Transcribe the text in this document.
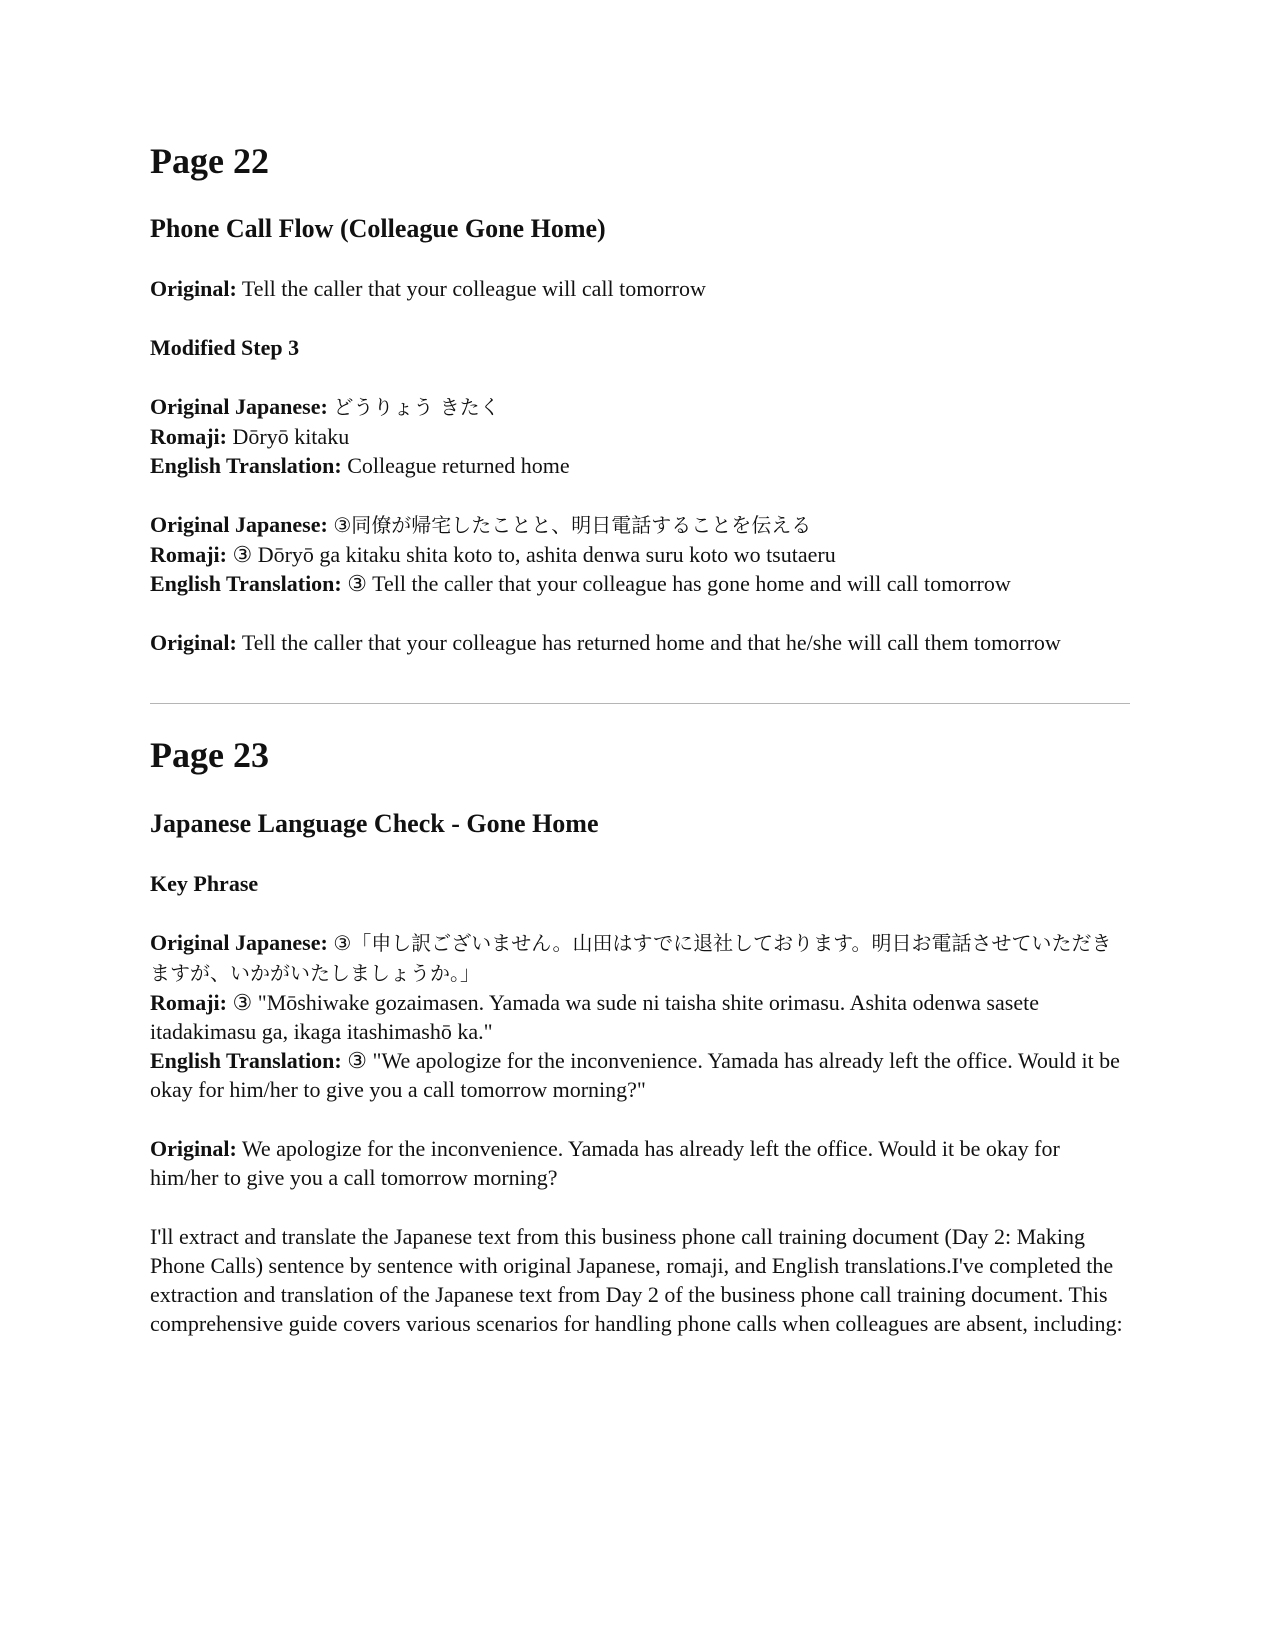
Page 22
Phone Call Flow (Colleague Gone Home)

Original: Tell the caller that your colleague will call tomorrow

Modified Step 3

Original Japanese: どうりょう きたく

Romaji: Dōryō kitaku

English Translation: Colleague returned home

Original Japanese: ③同僚が帰宅したことと、明日電話することを伝える

Romaji: ③ Dōryō ga kitaku shita koto to, ashita denwa suru koto wo tsutaeru

English Translation: ③ Tell the caller that your colleague has gone home and will call tomorrow

Original: Tell the caller that your colleague has returned home and that he/she will call them tomorrow

Page 23
Japanese Language Check - Gone Home

Key Phrase

Original Japanese: ③「申し訳ございません。山田はすでに退社しております。明日お電話させていただきますが、いかがいたしましょうか。」

Romaji: ③ "Mōshiwake gozaimasen. Yamada wa sude ni taisha shite orimasu. Ashita odenwa sasete itadakimasu ga, ikaga itashimashō ka."

English Translation: ③ "We apologize for the inconvenience. Yamada has already left the office. Would it be okay for him/her to give you a call tomorrow morning?"

Original: We apologize for the inconvenience. Yamada has already left the office. Would it be okay for him/her to give you a call tomorrow morning?

I'll extract and translate the Japanese text from this business phone call training document (Day 2: Making Phone Calls) sentence by sentence with original Japanese, romaji, and English translations.I've completed the extraction and translation of the Japanese text from Day 2 of the business phone call training document. This comprehensive guide covers various scenarios for handling phone calls when colleagues are absent, including:
